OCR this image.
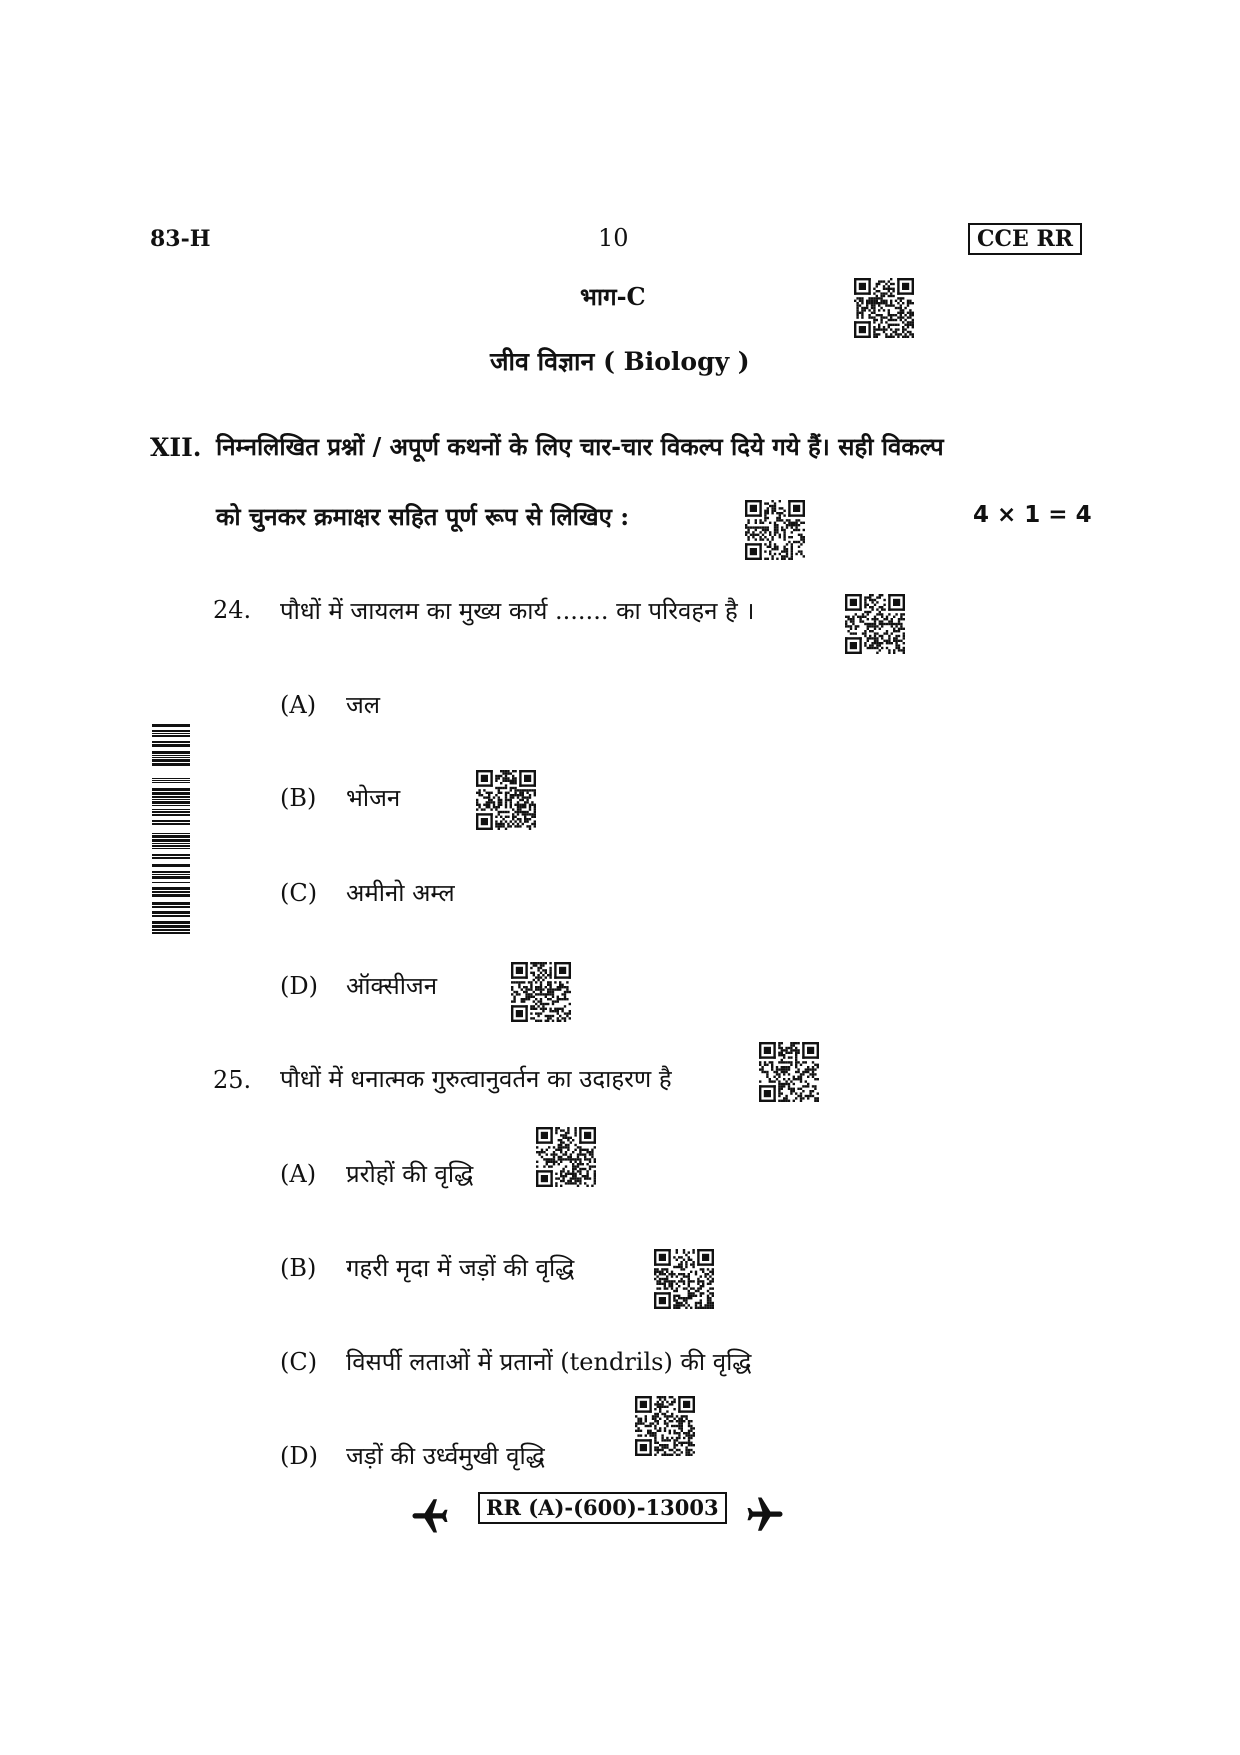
83-H	10	CCE RR
भाग-C
जीव विज्ञान ( Biology )
XII. निम्नलिखित प्रश्नों / अपूर्ण कथनों के लिए चार-चार विकल्प दिये गये हैं। सही विकल्प
को चुनकर क्रमाक्षर सहित पूर्ण रूप से लिखिए :	4 × 1 = 4
24. पौधों में जायलम का मुख्य कार्य ....... का परिवहन है ।
(A) जल
(B) भोजन
(C) अमीनो अम्ल
(D) ऑक्सीजन
25. पौधों में धनात्मक गुरुत्वानुवर्तन का उदाहरण है
(A) प्ररोहों की वृद्धि
(B) गहरी मृदा में जड़ों की वृद्धि
(C) विसर्पी लताओं में प्रतानों (tendrils) की वृद्धि
(D) जड़ों की उर्ध्वमुखी वृद्धि
RR (A)-(600)-13003
